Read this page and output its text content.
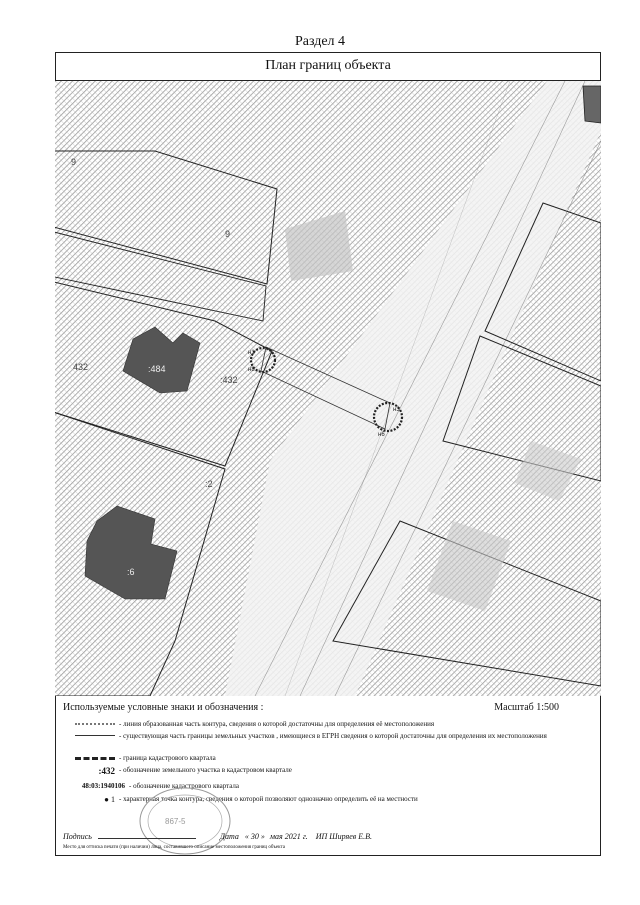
Раздел 4
План границ объекта
9
9
432
:432
:2
:484
:6
н1
н8
н3
н6
Используемые условные знаки и обозначения :	Масштаб 1:500
- линия образованная часть контура, сведения о которой достаточны для определения её местоположения
- существующая часть границы земельных участков , имеющиеся в ЕГРН сведения о которой достаточны для определения их местоположения
- граница кадастрового квартала
:432 - обозначение земельного участка в кадастровом квартале
48:03:1940106 - обозначение кадастрового квартала
● 1 - характерная точка контура, сведения о которой позволяют однозначно определить её на местности
867-5
Подпись	Дата « 30 » мая 2021 г. ИП Ширяев Е.В.
Место для оттиска печати (при наличии) лица, составившего описание местоположения границ объекта
